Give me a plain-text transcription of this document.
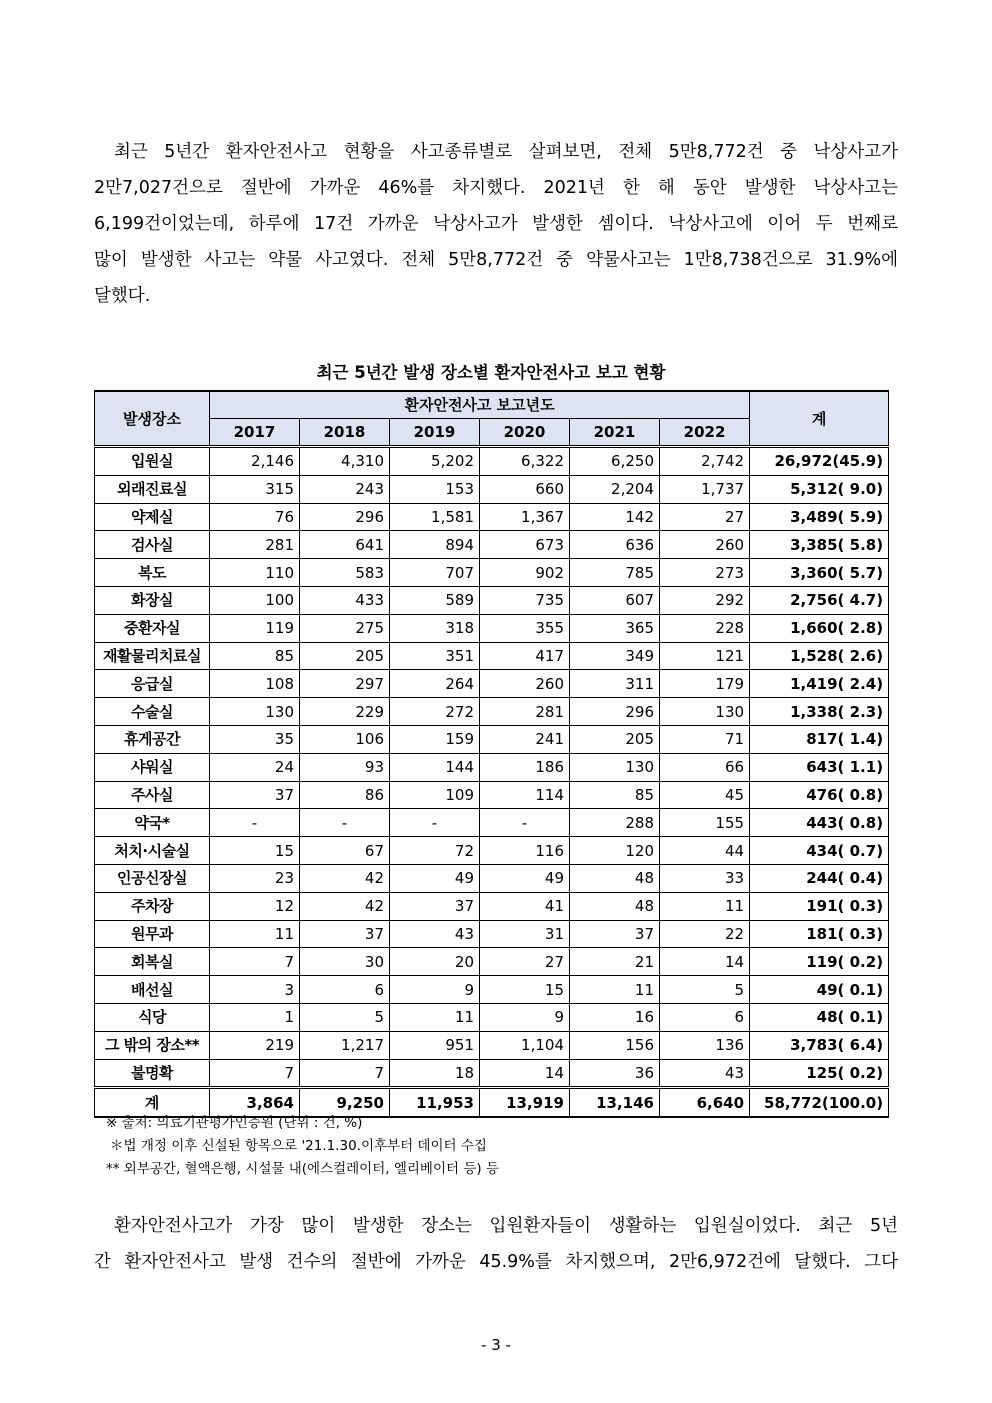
최근 5년간 환자안전사고 현황을 사고종류별로 살펴보면, 전체 5만8,772건 중 낙상사고가
2만7,027건으로 절반에 가까운 46%를 차지했다. 2021년 한 해 동안 발생한 낙상사고는
6,199건이었는데, 하루에 17건 가까운 낙상사고가 발생한 셈이다. 낙상사고에 이어 두 번째로
많이 발생한 사고는 약물 사고였다. 전체 5만8,772건 중 약물사고는 1만8,738건으로 31.9%에
달했다.
최근 5년간 발생 장소별 환자안전사고 보고 현황
발생장소	환자안전사고 보고년도						계
	2017	2018	2019	2020	2021	2022	
입원실	2,146	4,310	5,202	6,322	6,250	2,742	26,972(45.9)
외래진료실	315	243	153	660	2,204	1,737	5,312( 9.0)
약제실	76	296	1,581	1,367	142	27	3,489( 5.9)
검사실	281	641	894	673	636	260	3,385( 5.8)
복도	110	583	707	902	785	273	3,360( 5.7)
화장실	100	433	589	735	607	292	2,756( 4.7)
중환자실	119	275	318	355	365	228	1,660( 2.8)
재활물리치료실	85	205	351	417	349	121	1,528( 2.6)
응급실	108	297	264	260	311	179	1,419( 2.4)
수술실	130	229	272	281	296	130	1,338( 2.3)
휴게공간	35	106	159	241	205	71	817( 1.4)
샤워실	24	93	144	186	130	66	643( 1.1)
주사실	37	86	109	114	85	45	476( 0.8)
약국*	-	-	-	-	288	155	443( 0.8)
처치·시술실	15	67	72	116	120	44	434( 0.7)
인공신장실	23	42	49	49	48	33	244( 0.4)
주차장	12	42	37	41	48	11	191( 0.3)
원무과	11	37	43	31	37	22	181( 0.3)
회복실	7	30	20	27	21	14	119( 0.2)
배선실	3	6	9	15	11	5	49( 0.1)
식당	1	5	11	9	16	6	48( 0.1)
그 밖의 장소**	219	1,217	951	1,104	156	136	3,783( 6.4)
불명확	7	7	18	14	36	43	125( 0.2)
계	3,864	9,250	11,953	13,919	13,146	6,640	58,772(100.0)
※ 출처: 의료기관평가인증원 (단위 : 건, %)
＊법 개정 이후 신설된 항목으로 '21.1.30.이후부터 데이터 수집
** 외부공간, 혈액은행, 시설물 내(에스컬레이터, 엘리베이터 등) 등
환자안전사고가 가장 많이 발생한 장소는 입원환자들이 생활하는 입원실이었다. 최근 5년
간 환자안전사고 발생 건수의 절반에 가까운 45.9%를 차지했으며, 2만6,972건에 달했다. 그다
- 3 -
